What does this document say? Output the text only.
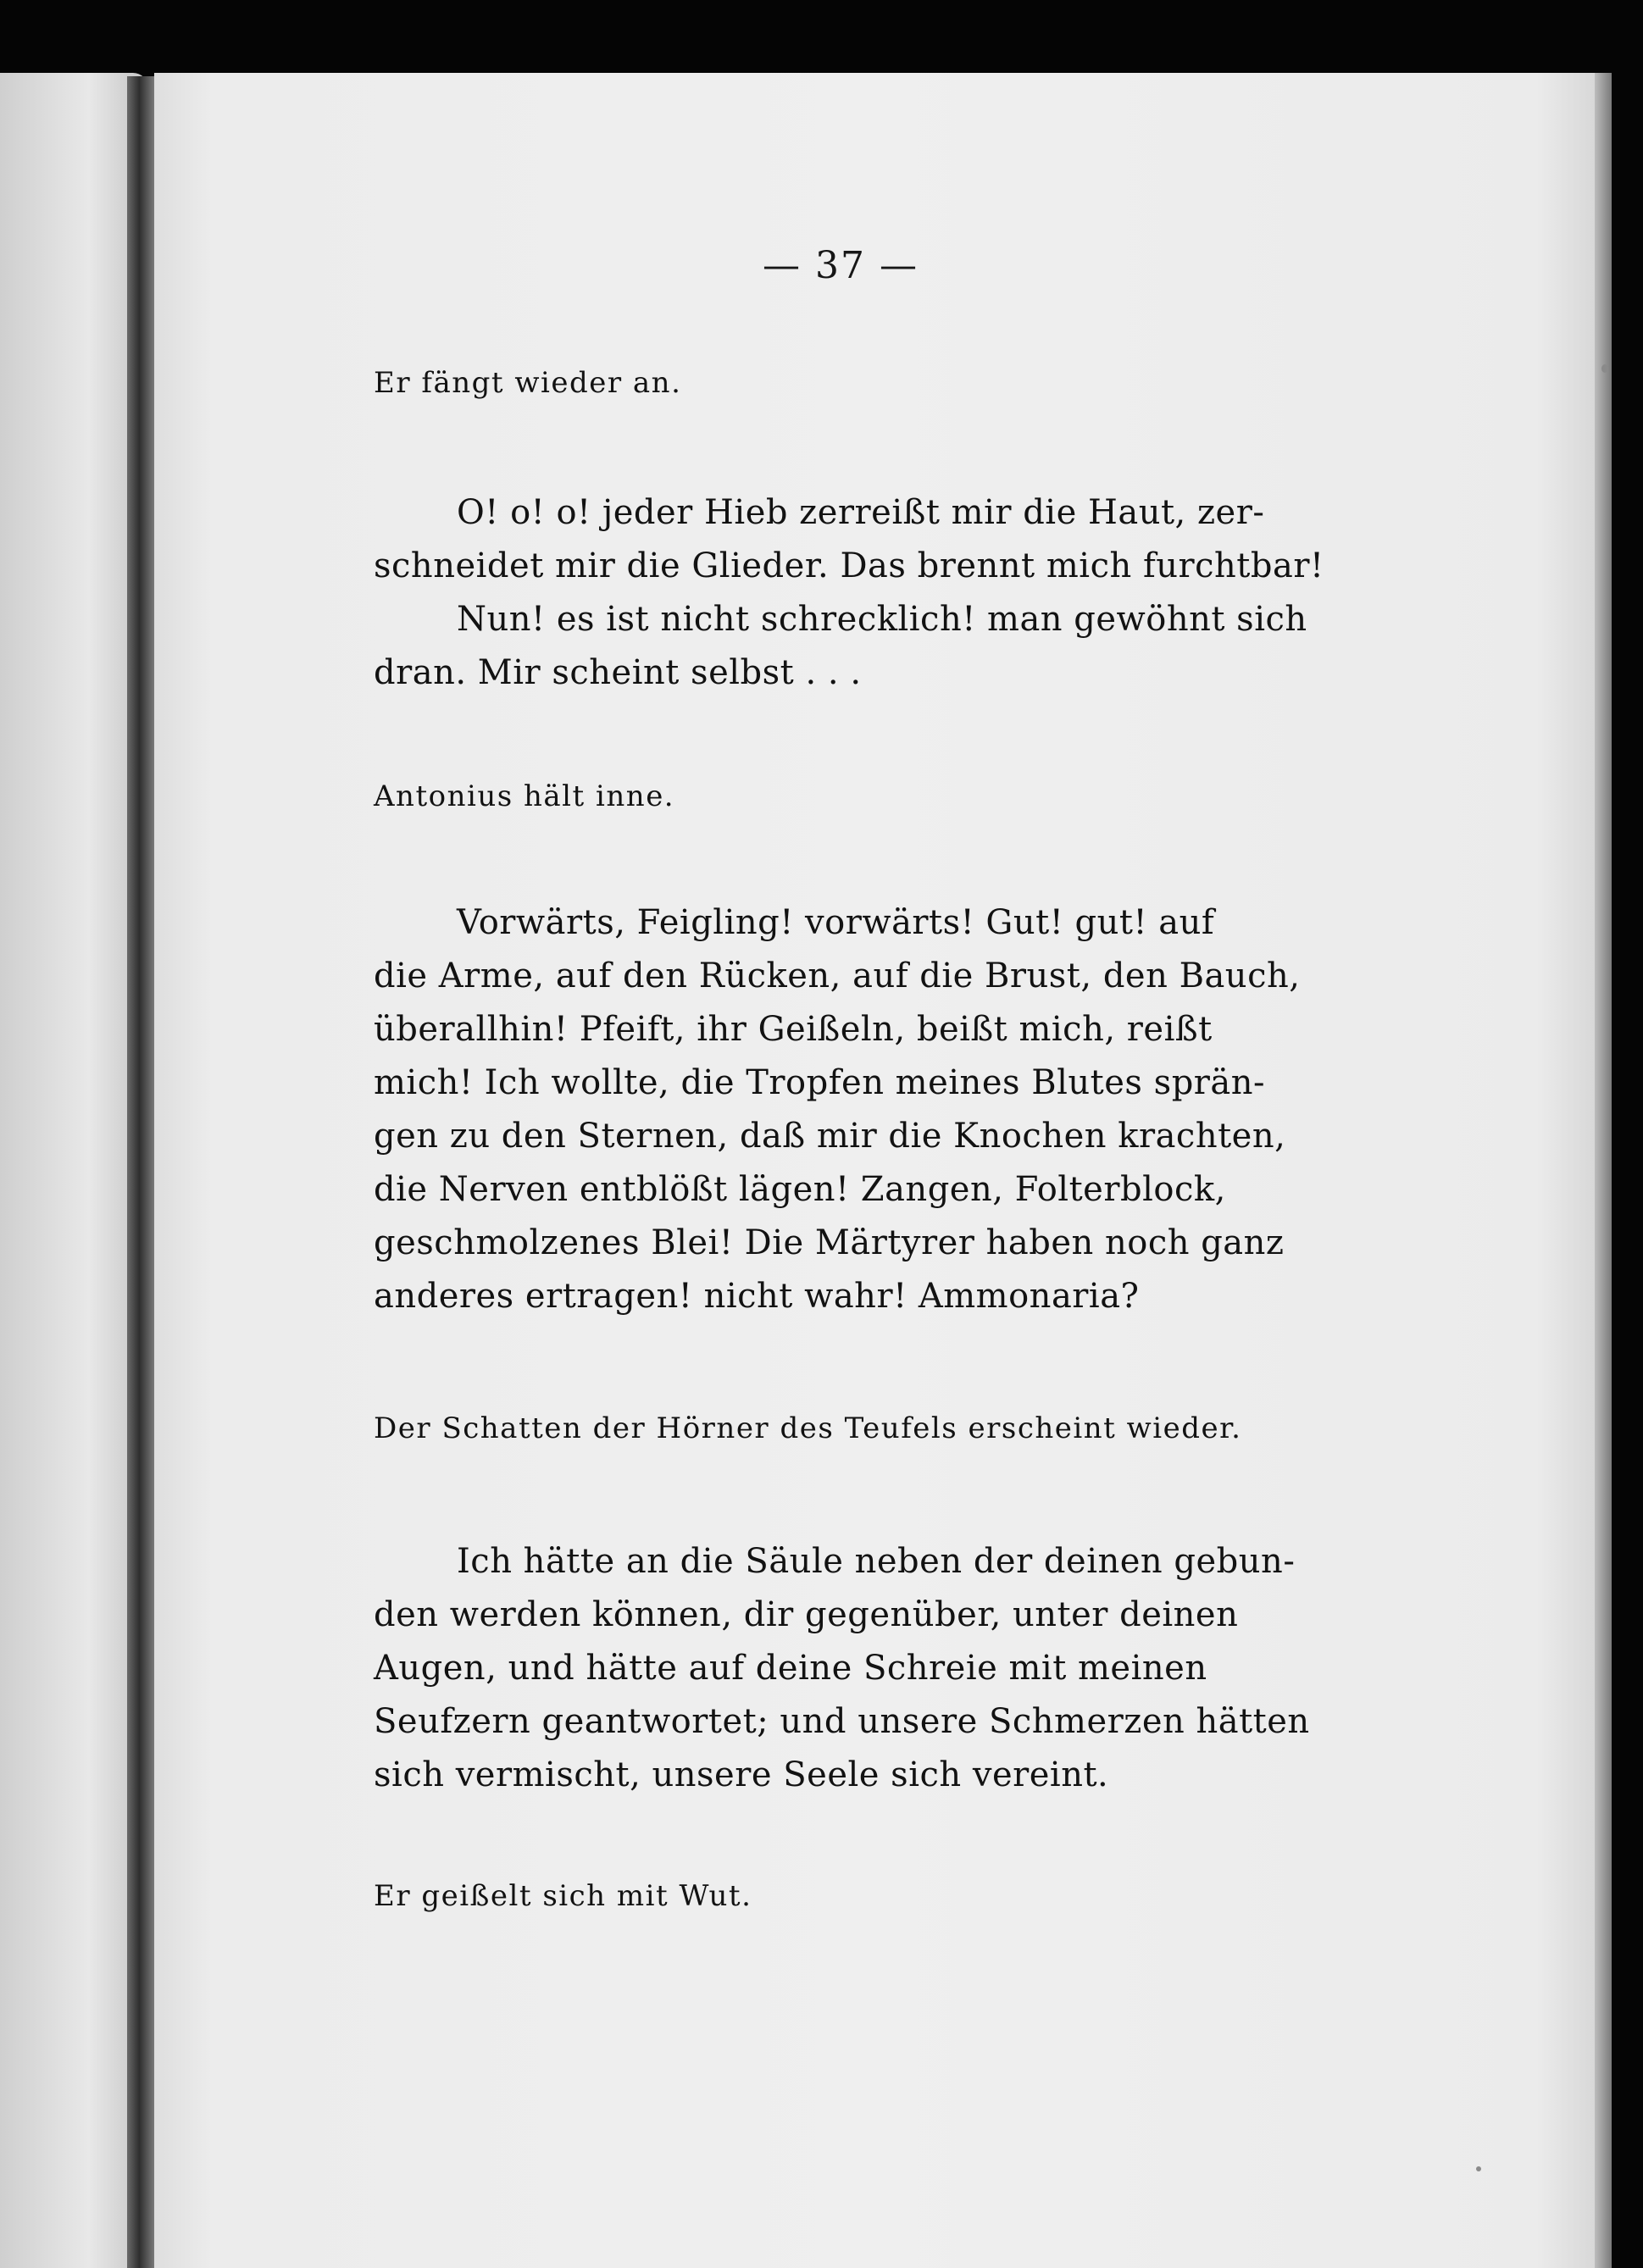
— 37 —
Er fängt wieder an.
O! o! o! jeder Hieb zerreißt mir die Haut, zer-
schneidet mir die Glieder. Das brennt mich furchtbar!
Nun! es ist nicht schrecklich! man gewöhnt sich
dran. Mir scheint selbst . . .
Antonius hält inne.
Vorwärts, Feigling! vorwärts! Gut! gut! auf
die Arme, auf den Rücken, auf die Brust, den Bauch,
überallhin! Pfeift, ihr Geißeln, beißt mich, reißt
mich! Ich wollte, die Tropfen meines Blutes sprän-
gen zu den Sternen, daß mir die Knochen krachten,
die Nerven entblößt lägen! Zangen, Folterblock,
geschmolzenes Blei! Die Märtyrer haben noch ganz
anderes ertragen! nicht wahr! Ammonaria?
Der Schatten der Hörner des Teufels erscheint wieder.
Ich hätte an die Säule neben der deinen gebun-
den werden können, dir gegenüber, unter deinen
Augen, und hätte auf deine Schreie mit meinen
Seufzern geantwortet; und unsere Schmerzen hätten
sich vermischt, unsere Seele sich vereint.
Er geißelt sich mit Wut.
